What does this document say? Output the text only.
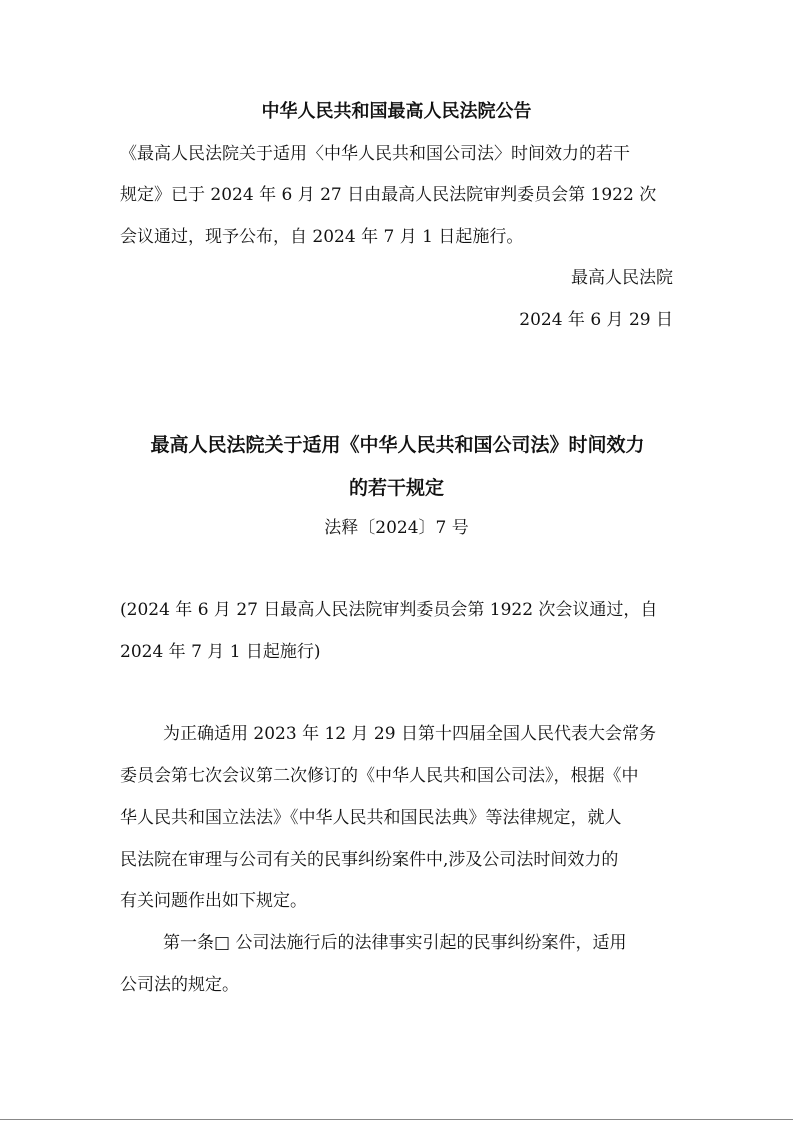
中华人民共和国最高人民法院公告
《最高人民法院关于适用〈中华人民共和国公司法〉时间效力的若干
规定》已于 2024 年 6 月 27 日由最高人民法院审判委员会第 1922 次
会议通过，现予公布，自 2024 年 7 月 1 日起施行。
最高人民法院
2024 年 6 月 29 日
最高人民法院关于适用《中华人民共和国公司法》时间效力
的若干规定
法释〔2024〕7 号
(2024 年 6 月 27 日最高人民法院审判委员会第 1922 次会议通过，自
2024 年 7 月 1 日起施行)
为正确适用 2023 年 12 月 29 日第十四届全国人民代表大会常务
委员会第七次会议第二次修订的《中华人民共和国公司法》，根据《中
华人民共和国立法法》《中华人民共和国民法典》等法律规定，就人
民法院在审理与公司有关的民事纠纷案件中,涉及公司法时间效力的
有关问题作出如下规定。
第一条□ 公司法施行后的法律事实引起的民事纠纷案件，适用
公司法的规定。
